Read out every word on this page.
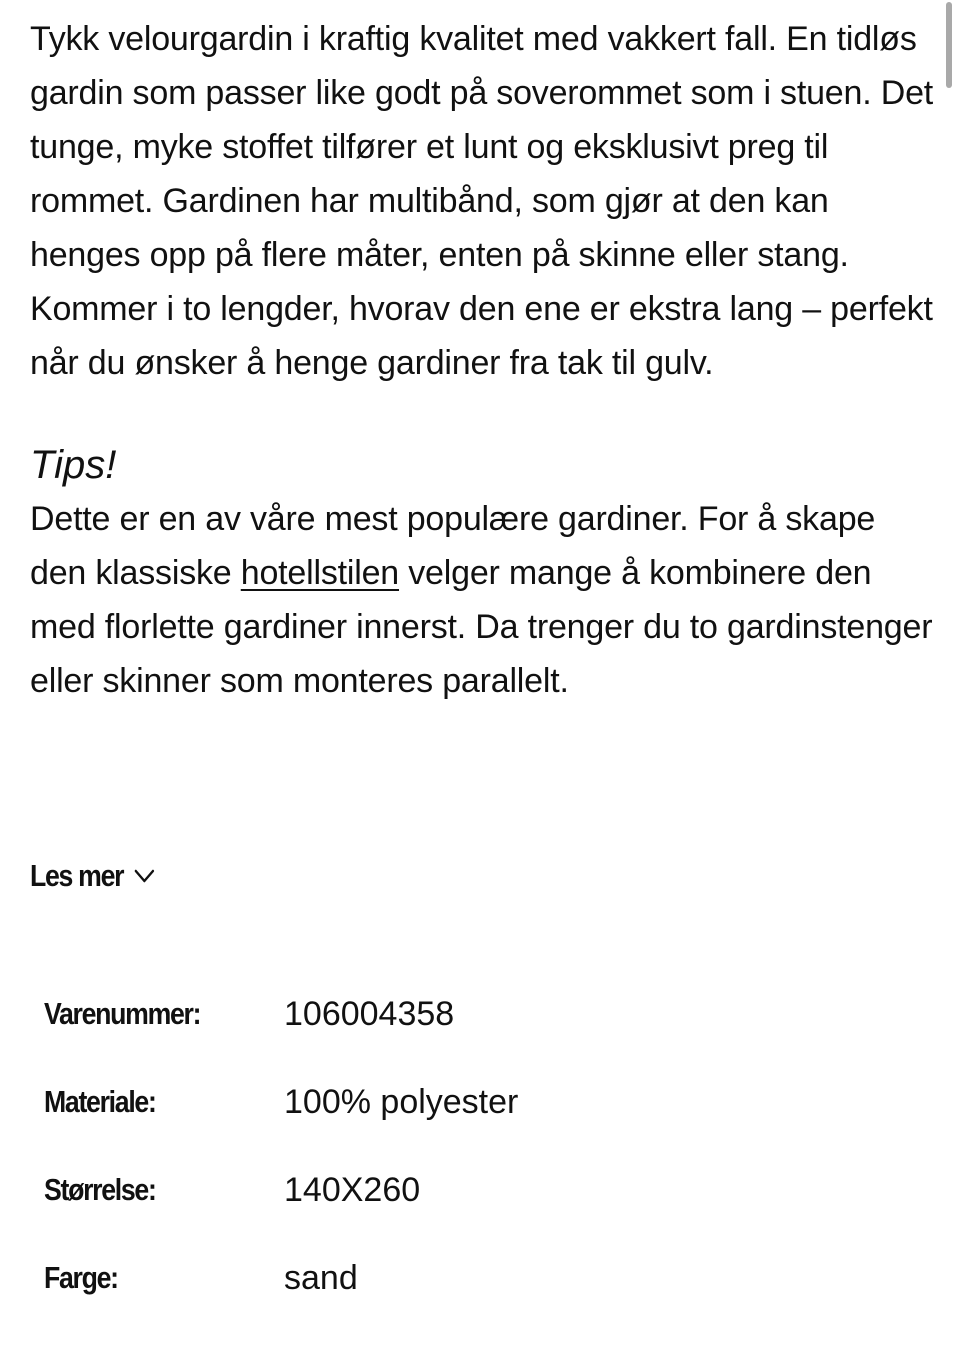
Tykk velourgardin i kraftig kvalitet med vakkert fall. En tidløs gardin som passer like godt på soverommet som i stuen. Det tunge, myke stoffet tilfører et lunt og eksklusivt preg til rommet. Gardinen har multibånd, som gjør at den kan henges opp på flere måter, enten på skinne eller stang. Kommer i to lengder, hvorav den ene er ekstra lang – perfekt når du ønsker å henge gardiner fra tak til gulv.

Tips!

Dette er en av våre mest populære gardiner. For å skape den klassiske hotellstilen velger mange å kombinere den med florlette gardiner innerst. Da trenger du to gardinstenger eller skinner som monteres parallelt.

Les mer
Varenummer:	106004358
Materiale:	100% polyester
Størrelse:	140X260
Farge:	sand
